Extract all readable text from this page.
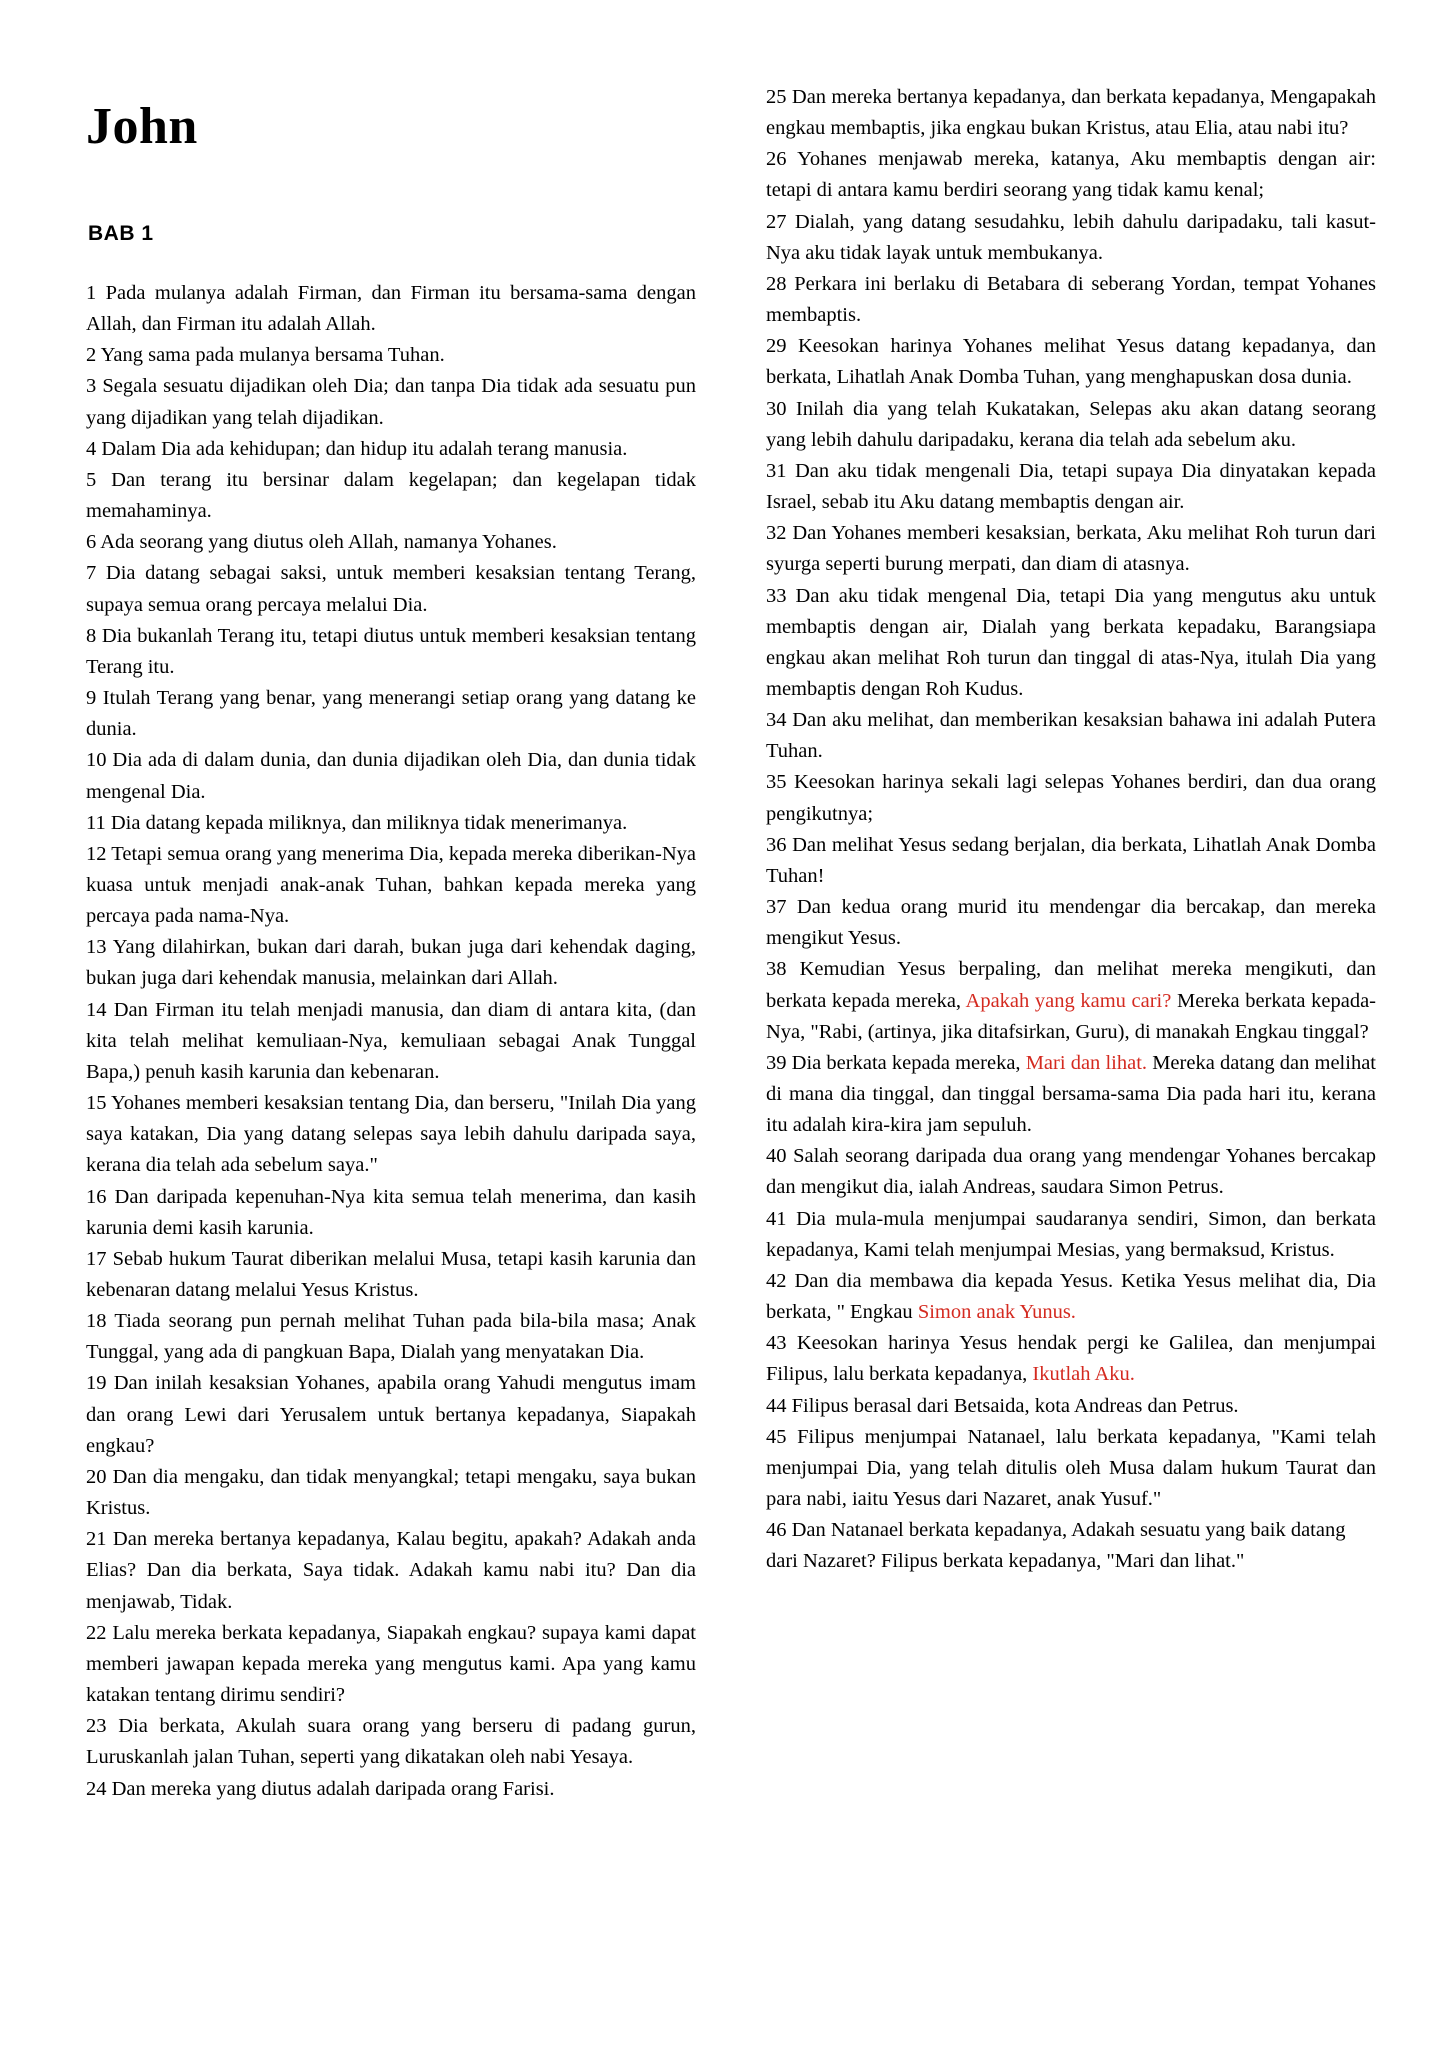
John
BAB 1

1 Pada mulanya adalah Firman, dan Firman itu bersama-sama dengan Allah, dan Firman itu adalah Allah.

2 Yang sama pada mulanya bersama Tuhan.

3 Segala sesuatu dijadikan oleh Dia; dan tanpa Dia tidak ada sesuatu pun yang dijadikan yang telah dijadikan.

4 Dalam Dia ada kehidupan; dan hidup itu adalah terang manusia.

5 Dan terang itu bersinar dalam kegelapan; dan kegelapan tidak memahaminya.

6 Ada seorang yang diutus oleh Allah, namanya Yohanes.

7 Dia datang sebagai saksi, untuk memberi kesaksian tentang Terang, supaya semua orang percaya melalui Dia.

8 Dia bukanlah Terang itu, tetapi diutus untuk memberi kesaksian tentang Terang itu.

9 Itulah Terang yang benar, yang menerangi setiap orang yang datang ke dunia.

10 Dia ada di dalam dunia, dan dunia dijadikan oleh Dia, dan dunia tidak mengenal Dia.

11 Dia datang kepada miliknya, dan miliknya tidak menerimanya.

12 Tetapi semua orang yang menerima Dia, kepada mereka diberikan-Nya kuasa untuk menjadi anak-anak Tuhan, bahkan kepada mereka yang percaya pada nama-Nya.

13 Yang dilahirkan, bukan dari darah, bukan juga dari kehendak daging, bukan juga dari kehendak manusia, melainkan dari Allah.

14 Dan Firman itu telah menjadi manusia, dan diam di antara kita, (dan kita telah melihat kemuliaan-Nya, kemuliaan sebagai Anak Tunggal Bapa,) penuh kasih karunia dan kebenaran.

15 Yohanes memberi kesaksian tentang Dia, dan berseru, "Inilah Dia yang saya katakan, Dia yang datang selepas saya lebih dahulu daripada saya, kerana dia telah ada sebelum saya."

16 Dan daripada kepenuhan-Nya kita semua telah menerima, dan kasih karunia demi kasih karunia.

17 Sebab hukum Taurat diberikan melalui Musa, tetapi kasih karunia dan kebenaran datang melalui Yesus Kristus.

18 Tiada seorang pun pernah melihat Tuhan pada bila-bila masa; Anak Tunggal, yang ada di pangkuan Bapa, Dialah yang menyatakan Dia.

19 Dan inilah kesaksian Yohanes, apabila orang Yahudi mengutus imam dan orang Lewi dari Yerusalem untuk bertanya kepadanya, Siapakah engkau?

20 Dan dia mengaku, dan tidak menyangkal; tetapi mengaku, saya bukan Kristus.

21 Dan mereka bertanya kepadanya, Kalau begitu, apakah? Adakah anda Elias? Dan dia berkata, Saya tidak. Adakah kamu nabi itu? Dan dia menjawab, Tidak.

22 Lalu mereka berkata kepadanya, Siapakah engkau? supaya kami dapat memberi jawapan kepada mereka yang mengutus kami. Apa yang kamu katakan tentang dirimu sendiri?

23 Dia berkata, Akulah suara orang yang berseru di padang gurun, Luruskanlah jalan Tuhan, seperti yang dikatakan oleh nabi Yesaya.

24 Dan mereka yang diutus adalah daripada orang Farisi.

25 Dan mereka bertanya kepadanya, dan berkata kepadanya, Mengapakah engkau membaptis, jika engkau bukan Kristus, atau Elia, atau nabi itu?

26 Yohanes menjawab mereka, katanya, Aku membaptis dengan air: tetapi di antara kamu berdiri seorang yang tidak kamu kenal;

27 Dialah, yang datang sesudahku, lebih dahulu daripadaku, tali kasut-Nya aku tidak layak untuk membukanya.

28 Perkara ini berlaku di Betabara di seberang Yordan, tempat Yohanes membaptis.

29 Keesokan harinya Yohanes melihat Yesus datang kepadanya, dan berkata, Lihatlah Anak Domba Tuhan, yang menghapuskan dosa dunia.

30 Inilah dia yang telah Kukatakan, Selepas aku akan datang seorang yang lebih dahulu daripadaku, kerana dia telah ada sebelum aku.

31 Dan aku tidak mengenali Dia, tetapi supaya Dia dinyatakan kepada Israel, sebab itu Aku datang membaptis dengan air.

32 Dan Yohanes memberi kesaksian, berkata, Aku melihat Roh turun dari syurga seperti burung merpati, dan diam di atasnya.

33 Dan aku tidak mengenal Dia, tetapi Dia yang mengutus aku untuk membaptis dengan air, Dialah yang berkata kepadaku, Barangsiapa engkau akan melihat Roh turun dan tinggal di atas-Nya, itulah Dia yang membaptis dengan Roh Kudus.

34 Dan aku melihat, dan memberikan kesaksian bahawa ini adalah Putera Tuhan.

35 Keesokan harinya sekali lagi selepas Yohanes berdiri, dan dua orang pengikutnya;

36 Dan melihat Yesus sedang berjalan, dia berkata, Lihatlah Anak Domba Tuhan!

37 Dan kedua orang murid itu mendengar dia bercakap, dan mereka mengikut Yesus.

38 Kemudian Yesus berpaling, dan melihat mereka mengikuti, dan berkata kepada mereka, Apakah yang kamu cari? Mereka berkata kepada-Nya, "Rabi, (artinya, jika ditafsirkan, Guru), di manakah Engkau tinggal?

39 Dia berkata kepada mereka, Mari dan lihat. Mereka datang dan melihat di mana dia tinggal, dan tinggal bersama-sama Dia pada hari itu, kerana itu adalah kira-kira jam sepuluh.

40 Salah seorang daripada dua orang yang mendengar Yohanes bercakap dan mengikut dia, ialah Andreas, saudara Simon Petrus.

41 Dia mula-mula menjumpai saudaranya sendiri, Simon, dan berkata kepadanya, Kami telah menjumpai Mesias, yang bermaksud, Kristus.

42 Dan dia membawa dia kepada Yesus. Ketika Yesus melihat dia, Dia berkata, " Engkau Simon anak Yunus.

43 Keesokan harinya Yesus hendak pergi ke Galilea, dan menjumpai Filipus, lalu berkata kepadanya, Ikutlah Aku.

44 Filipus berasal dari Betsaida, kota Andreas dan Petrus.

45 Filipus menjumpai Natanael, lalu berkata kepadanya, "Kami telah menjumpai Dia, yang telah ditulis oleh Musa dalam hukum Taurat dan para nabi, iaitu Yesus dari Nazaret, anak Yusuf."

46 Dan Natanael berkata kepadanya, Adakah sesuatu yang baik datang dari Nazaret? Filipus berkata kepadanya, "Mari dan lihat."
